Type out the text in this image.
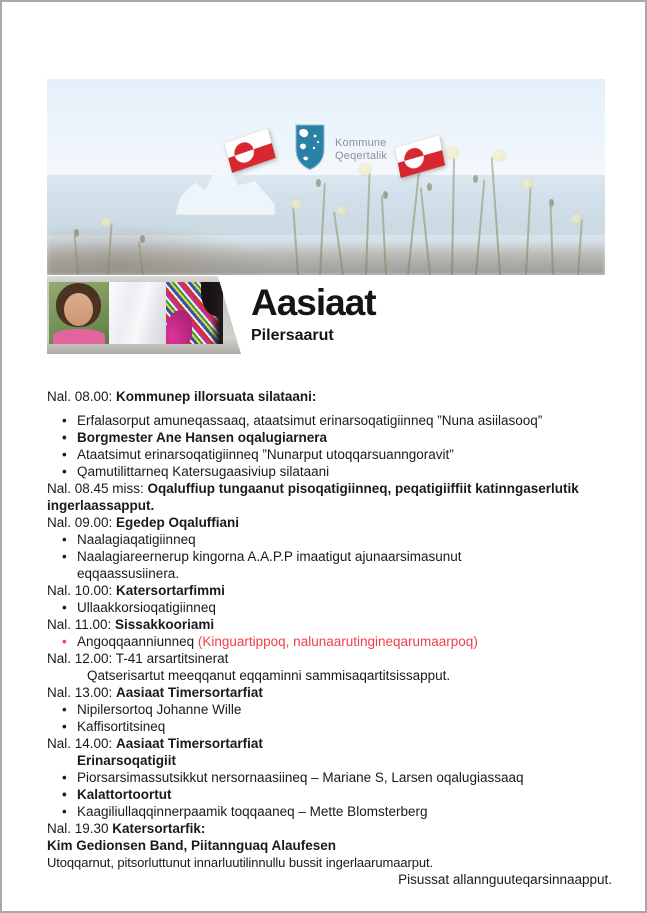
Kommune
Qeqertalik
Aasiaat
Pilersaarut
Nal. 08.00: Kommunep illorsuata silataani:
• Erfalasorput amuneqassaaq, ataatsimut erinarsoqatigiinneq ”Nuna asiilasooq”
• Borgmester Ane Hansen oqalugiarnera
• Ataatsimut erinarsoqatigiinneq ”Nunarput utoqqarsuanngoravit”
• Qamutilittarneq Katersugaasiviup silataani
Nal. 08.45 miss: Oqaluffiup tungaanut pisoqatigiinneq, peqatigiiffiit katinngaserlutik
ingerlaassapput.
Nal. 09.00: Egedep Oqaluffiani
• Naalagiaqatigiinneq
• Naalagiareernerup kingorna A.A.P.P imaatigut ajunaarsimasunut
eqqaassusiinera.
Nal. 10.00: Katersortarfimmi
• Ullaakkorsioqatigiinneq
Nal. 11.00: Sissakkooriami
• Angoqqaanniunneq (Kinguartippoq, nalunaarutingineqarumaarpoq)
Nal. 12.00: T-41 arsartitsinerat
Qatserisartut meeqqanut eqqaminni sammisaqartitsissapput.
Nal. 13.00: Aasiaat Timersortarfiat
• Nipilersortoq Johanne Wille
• Kaffisortitsineq
Nal. 14.00: Aasiaat Timersortarfiat
Erinarsoqatigiit
• Piorsarsimassutsikkut nersornaasiineq – Mariane S, Larsen oqalugiassaaq
• Kalattortoortut
• Kaagiliullaqqinnerpaamik toqqaaneq – Mette Blomsterberg
Nal. 19.30 Katersortarfik:
Kim Gedionsen Band, Piitannguaq Alaufesen
Utoqqarnut, pitsorluttunut innarluutilinnullu bussit ingerlaarumaarput.
Pisussat allannguuteqarsinnaapput.
